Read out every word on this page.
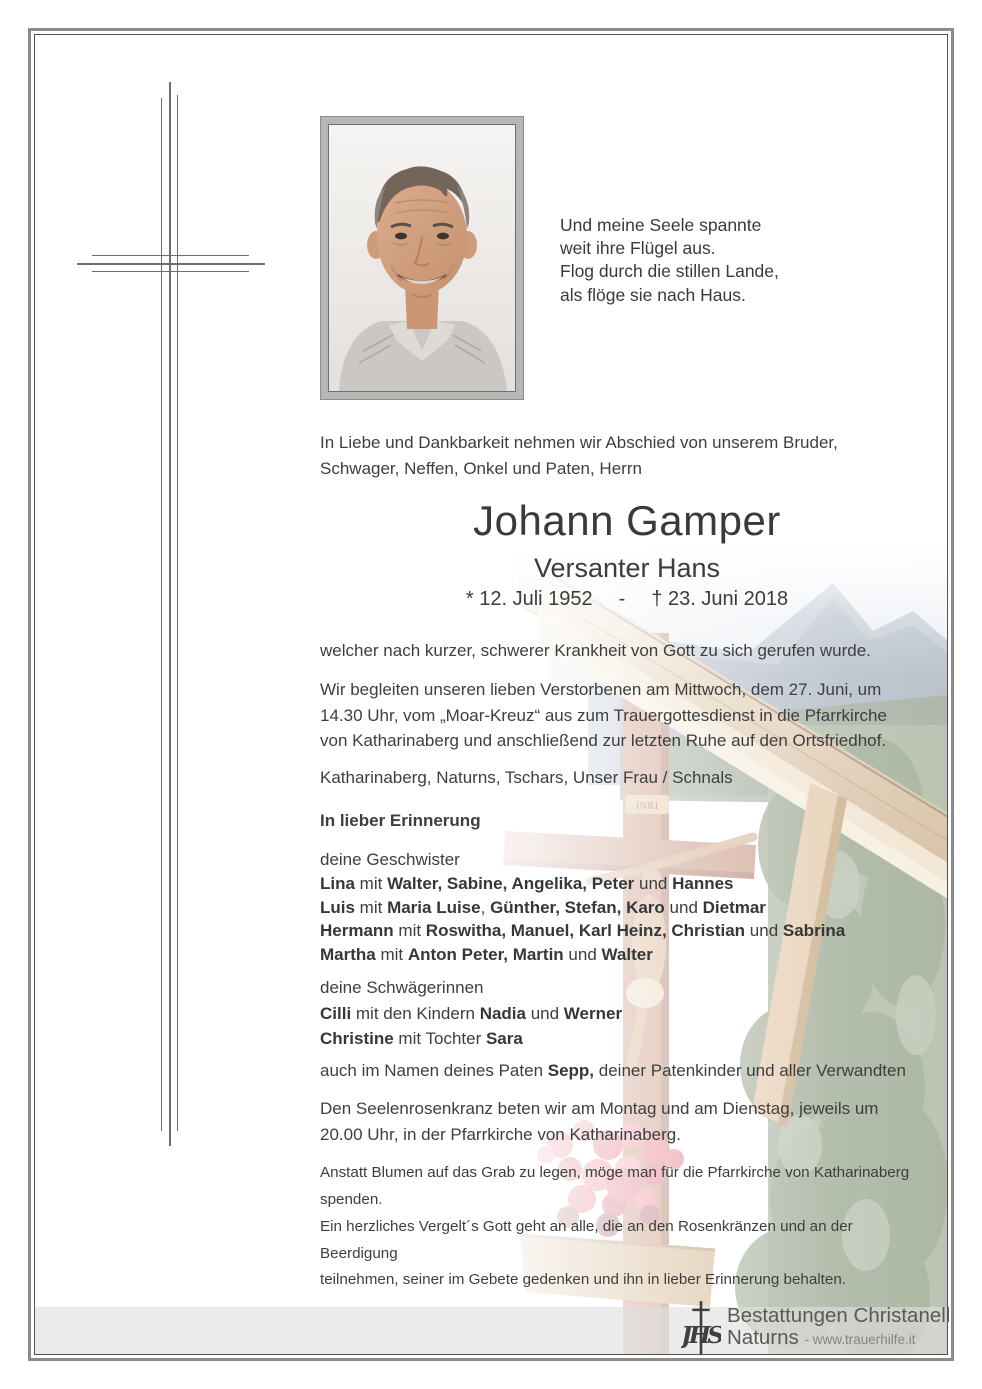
Und meine Seele spannte
weit ihre Flügel aus.
Flog durch die stillen Lande,
als flöge sie nach Haus.
In Liebe und Dankbarkeit nehmen wir Abschied von unserem Bruder,
Schwager, Neffen, Onkel und Paten, Herrn
Johann Gamper
Versanter Hans
* 12. Juli 1952 - † 23. Juni 2018
welcher nach kurzer, schwerer Krankheit von Gott zu sich gerufen wurde.
Wir begleiten unseren lieben Verstorbenen am Mittwoch, dem 27. Juni, um
14.30 Uhr, vom „Moar-Kreuz“ aus zum Trauergottesdienst in die Pfarrkirche
von Katharinaberg und anschließend zur letzten Ruhe auf den Ortsfriedhof.
Katharinaberg, Naturns, Tschars, Unser Frau / Schnals
In lieber Erinnerung
deine Geschwister
Lina mit Walter, Sabine, Angelika, Peter und Hannes
Luis mit Maria Luise, Günther, Stefan, Karo und Dietmar
Hermann mit Roswitha, Manuel, Karl Heinz, Christian und Sabrina
Martha mit Anton Peter, Martin und Walter
deine Schwägerinnen
Cilli mit den Kindern Nadia und Werner
Christine mit Tochter Sara
auch im Namen deines Paten Sepp, deiner Patenkinder und aller Verwandten
Den Seelenrosenkranz beten wir am Montag und am Dienstag, jeweils um
20.00 Uhr, in der Pfarrkirche von Katharinaberg.
Anstatt Blumen auf das Grab zu legen, möge man für die Pfarrkirche von Katharinaberg
spenden.
Ein herzliches Vergelt´s Gott geht an alle, die an den Rosenkränzen und an der Beerdigung
teilnehmen, seiner im Gebete gedenken und ihn in lieber Erinnerung behalten.
JHS
Bestattungen Christanell
Naturns - www.trauerhilfe.it
